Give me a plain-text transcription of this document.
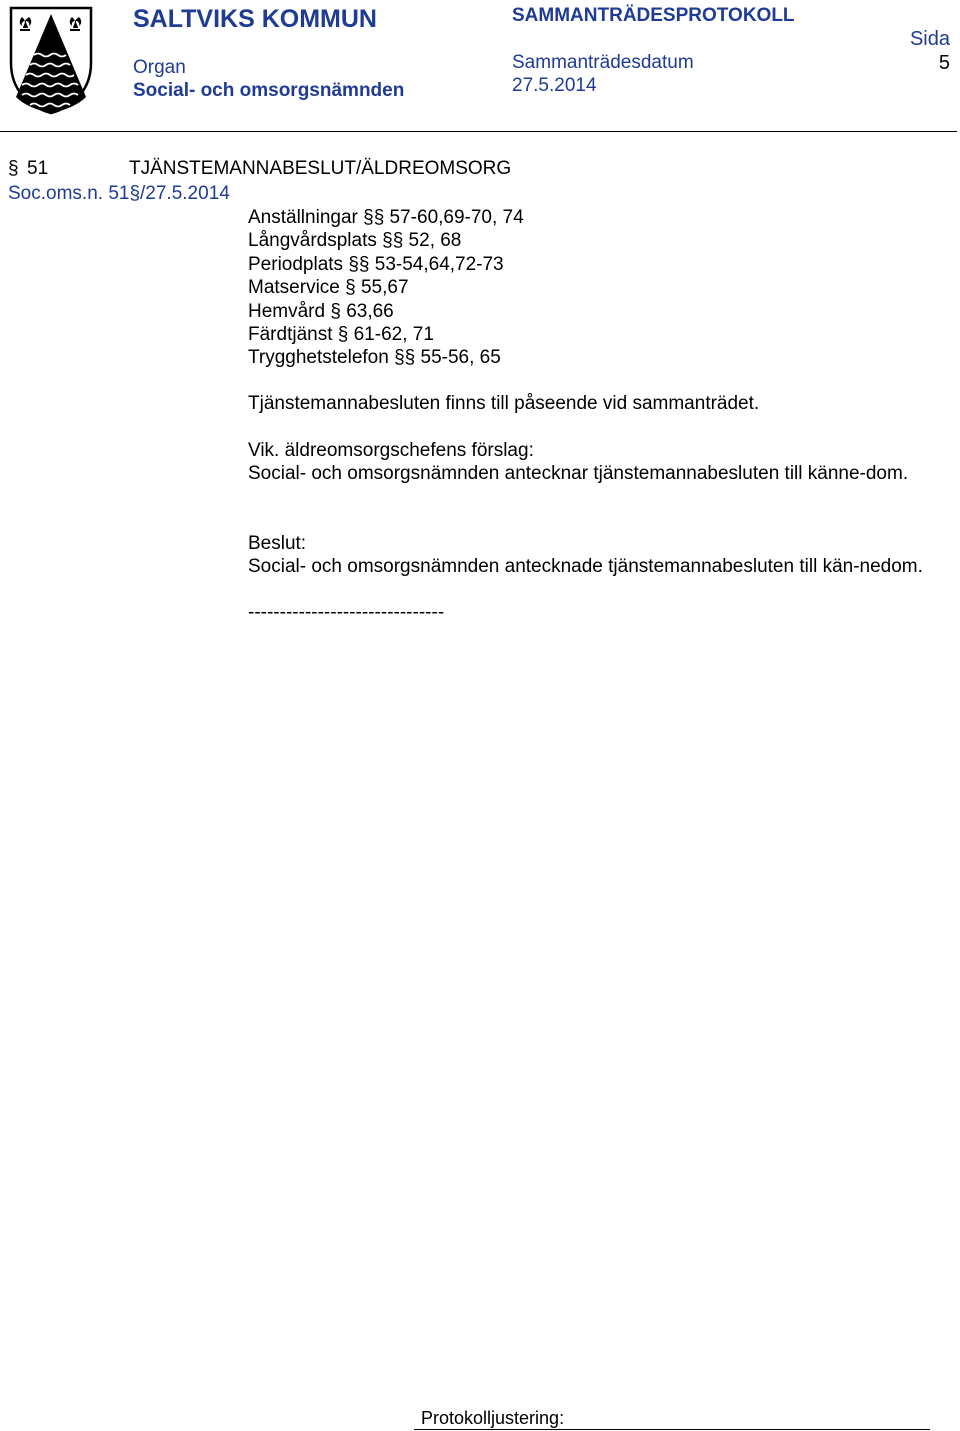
SALTVIKS KOMMUN
Organ
Social- och omsorgsnämnden
SAMMANTRÄDESPROTOKOLL
Sammanträdesdatum
27.5.2014
Sida
5
§ 51	TJÄNSTEMANNABESLUT/ÄLDREOMSORG
Soc.oms.n. 51§/27.5.2014
Anställningar §§ 57-60,69-70, 74
Långvårdsplats §§ 52, 68
Periodplats §§ 53-54,64,72-73
Matservice § 55,67
Hemvård § 63,66
Färdtjänst § 61-62, 71
Trygghetstelefon §§ 55-56, 65
Tjänstemannabesluten finns till påseende vid sammanträdet.
Vik. äldreomsorgschefens förslag:
Social- och omsorgsnämnden antecknar tjänstemannabesluten till känne-dom.
Beslut:
Social- och omsorgsnämnden antecknade tjänstemannabesluten till kän-nedom.
-------------------------------
Protokolljustering:
